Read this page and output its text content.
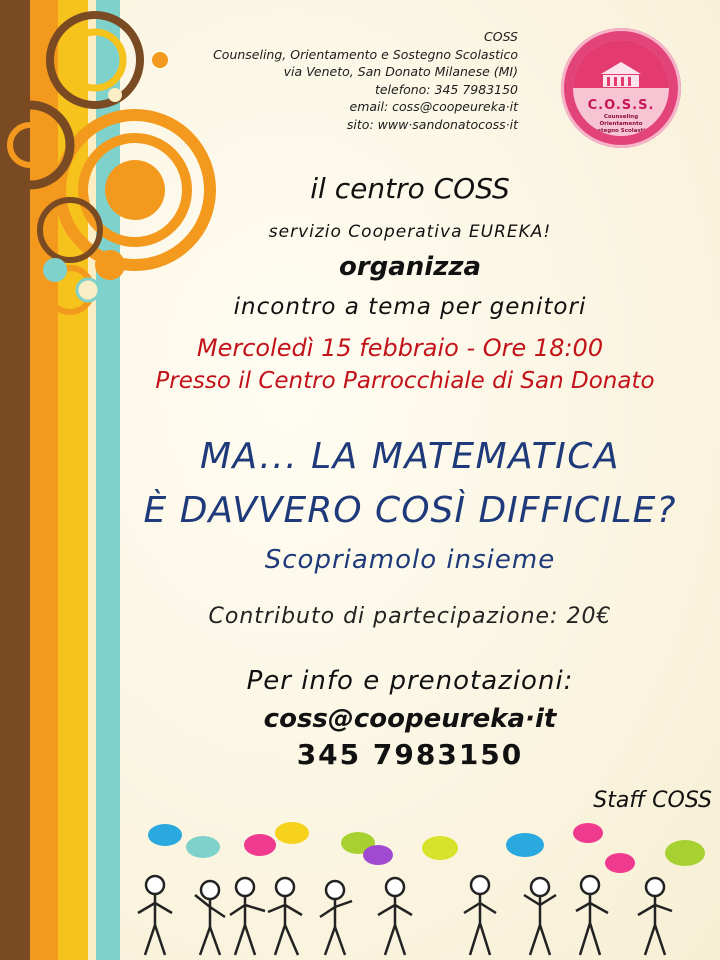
COSS
Counseling, Orientamento e Sostegno Scolastico
via Veneto, San Donato Milanese (MI)
telefono: 345 7983150
email: coss@coopeureka·it
sito: www·sandonatocoss·it
C.O.S.S.
Counseling
Orientamento
Sostegno Scolastico
il centro COSS
servizio Cooperativa EUREKA!
organizza
incontro a tema per genitori
Mercoledì 15 febbraio - Ore 18:00
Presso il Centro Parrocchiale di San Donato
MA... LA MATEMATICA
È DAVVERO COSÌ DIFFICILE?
Scopriamolo insieme
Contributo di partecipazione: 20€
Per info e prenotazioni:
coss@coopeureka·it
345 7983150
Staff COSS
